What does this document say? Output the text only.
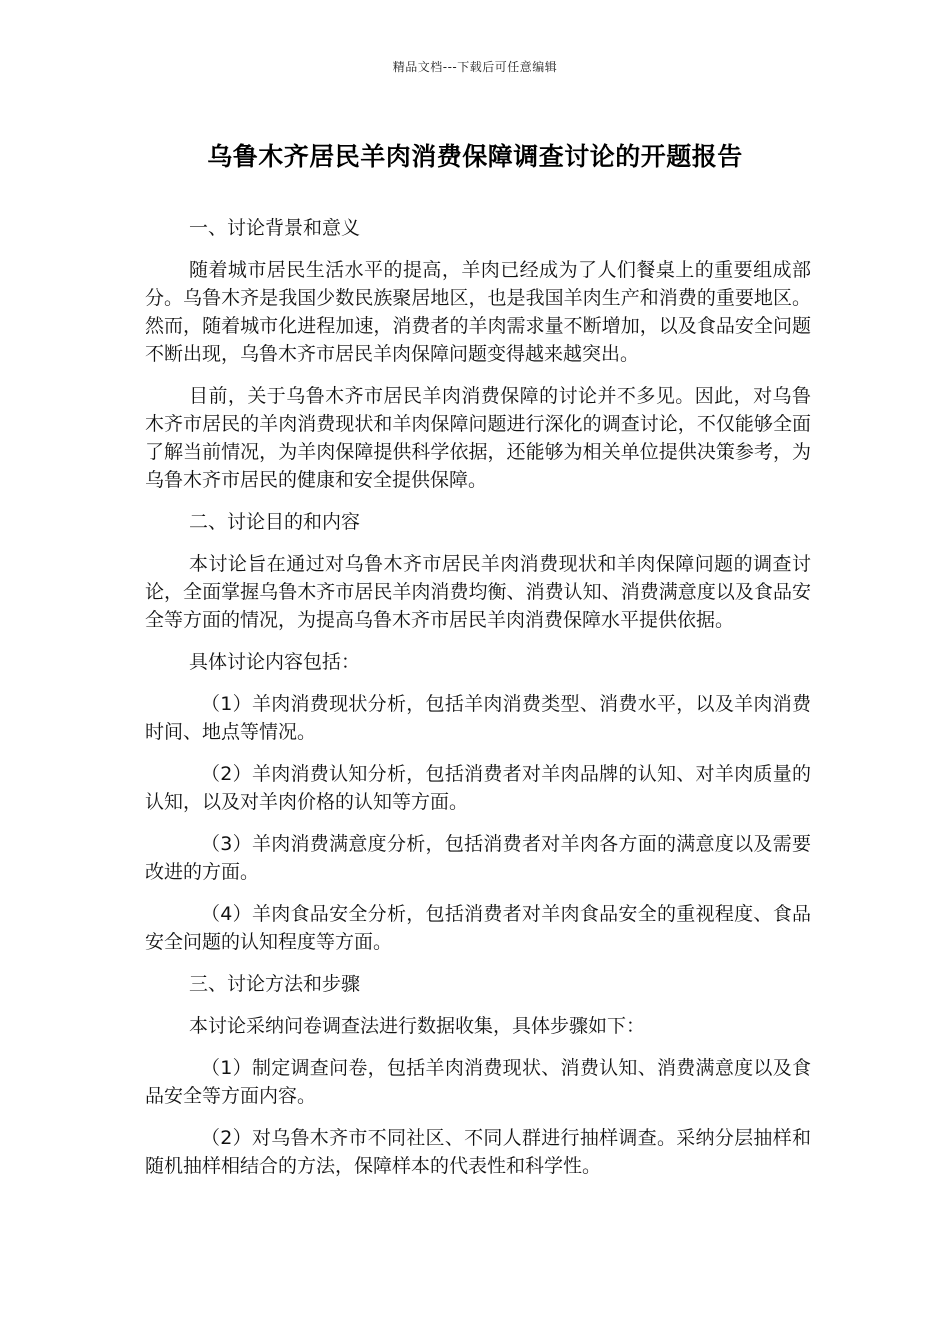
精品文档---下载后可任意编辑
乌鲁木齐居民羊肉消费保障调查讨论的开题报告

一、讨论背景和意义

随着城市居民生活水平的提高，羊肉已经成为了人们餐桌上的重要组成部分。乌鲁木齐是我国少数民族聚居地区，也是我国羊肉生产和消费的重要地区。然而，随着城市化进程加速，消费者的羊肉需求量不断增加，以及食品安全问题不断出现，乌鲁木齐市居民羊肉保障问题变得越来越突出。

目前，关于乌鲁木齐市居民羊肉消费保障的讨论并不多见。因此，对乌鲁木齐市居民的羊肉消费现状和羊肉保障问题进行深化的调查讨论，不仅能够全面了解当前情况，为羊肉保障提供科学依据，还能够为相关单位提供决策参考，为乌鲁木齐市居民的健康和安全提供保障。

二、讨论目的和内容

本讨论旨在通过对乌鲁木齐市居民羊肉消费现状和羊肉保障问题的调查讨论，全面掌握乌鲁木齐市居民羊肉消费均衡、消费认知、消费满意度以及食品安全等方面的情况，为提高乌鲁木齐市居民羊肉消费保障水平提供依据。

具体讨论内容包括：

（1）羊肉消费现状分析，包括羊肉消费类型、消费水平，以及羊肉消费时间、地点等情况。

（2）羊肉消费认知分析，包括消费者对羊肉品牌的认知、对羊肉质量的认知，以及对羊肉价格的认知等方面。

（3）羊肉消费满意度分析，包括消费者对羊肉各方面的满意度以及需要改进的方面。

（4）羊肉食品安全分析，包括消费者对羊肉食品安全的重视程度、食品安全问题的认知程度等方面。

三、讨论方法和步骤

本讨论采纳问卷调查法进行数据收集，具体步骤如下：

（1）制定调查问卷，包括羊肉消费现状、消费认知、消费满意度以及食品安全等方面内容。

（2）对乌鲁木齐市不同社区、不同人群进行抽样调查。采纳分层抽样和随机抽样相结合的方法，保障样本的代表性和科学性。
